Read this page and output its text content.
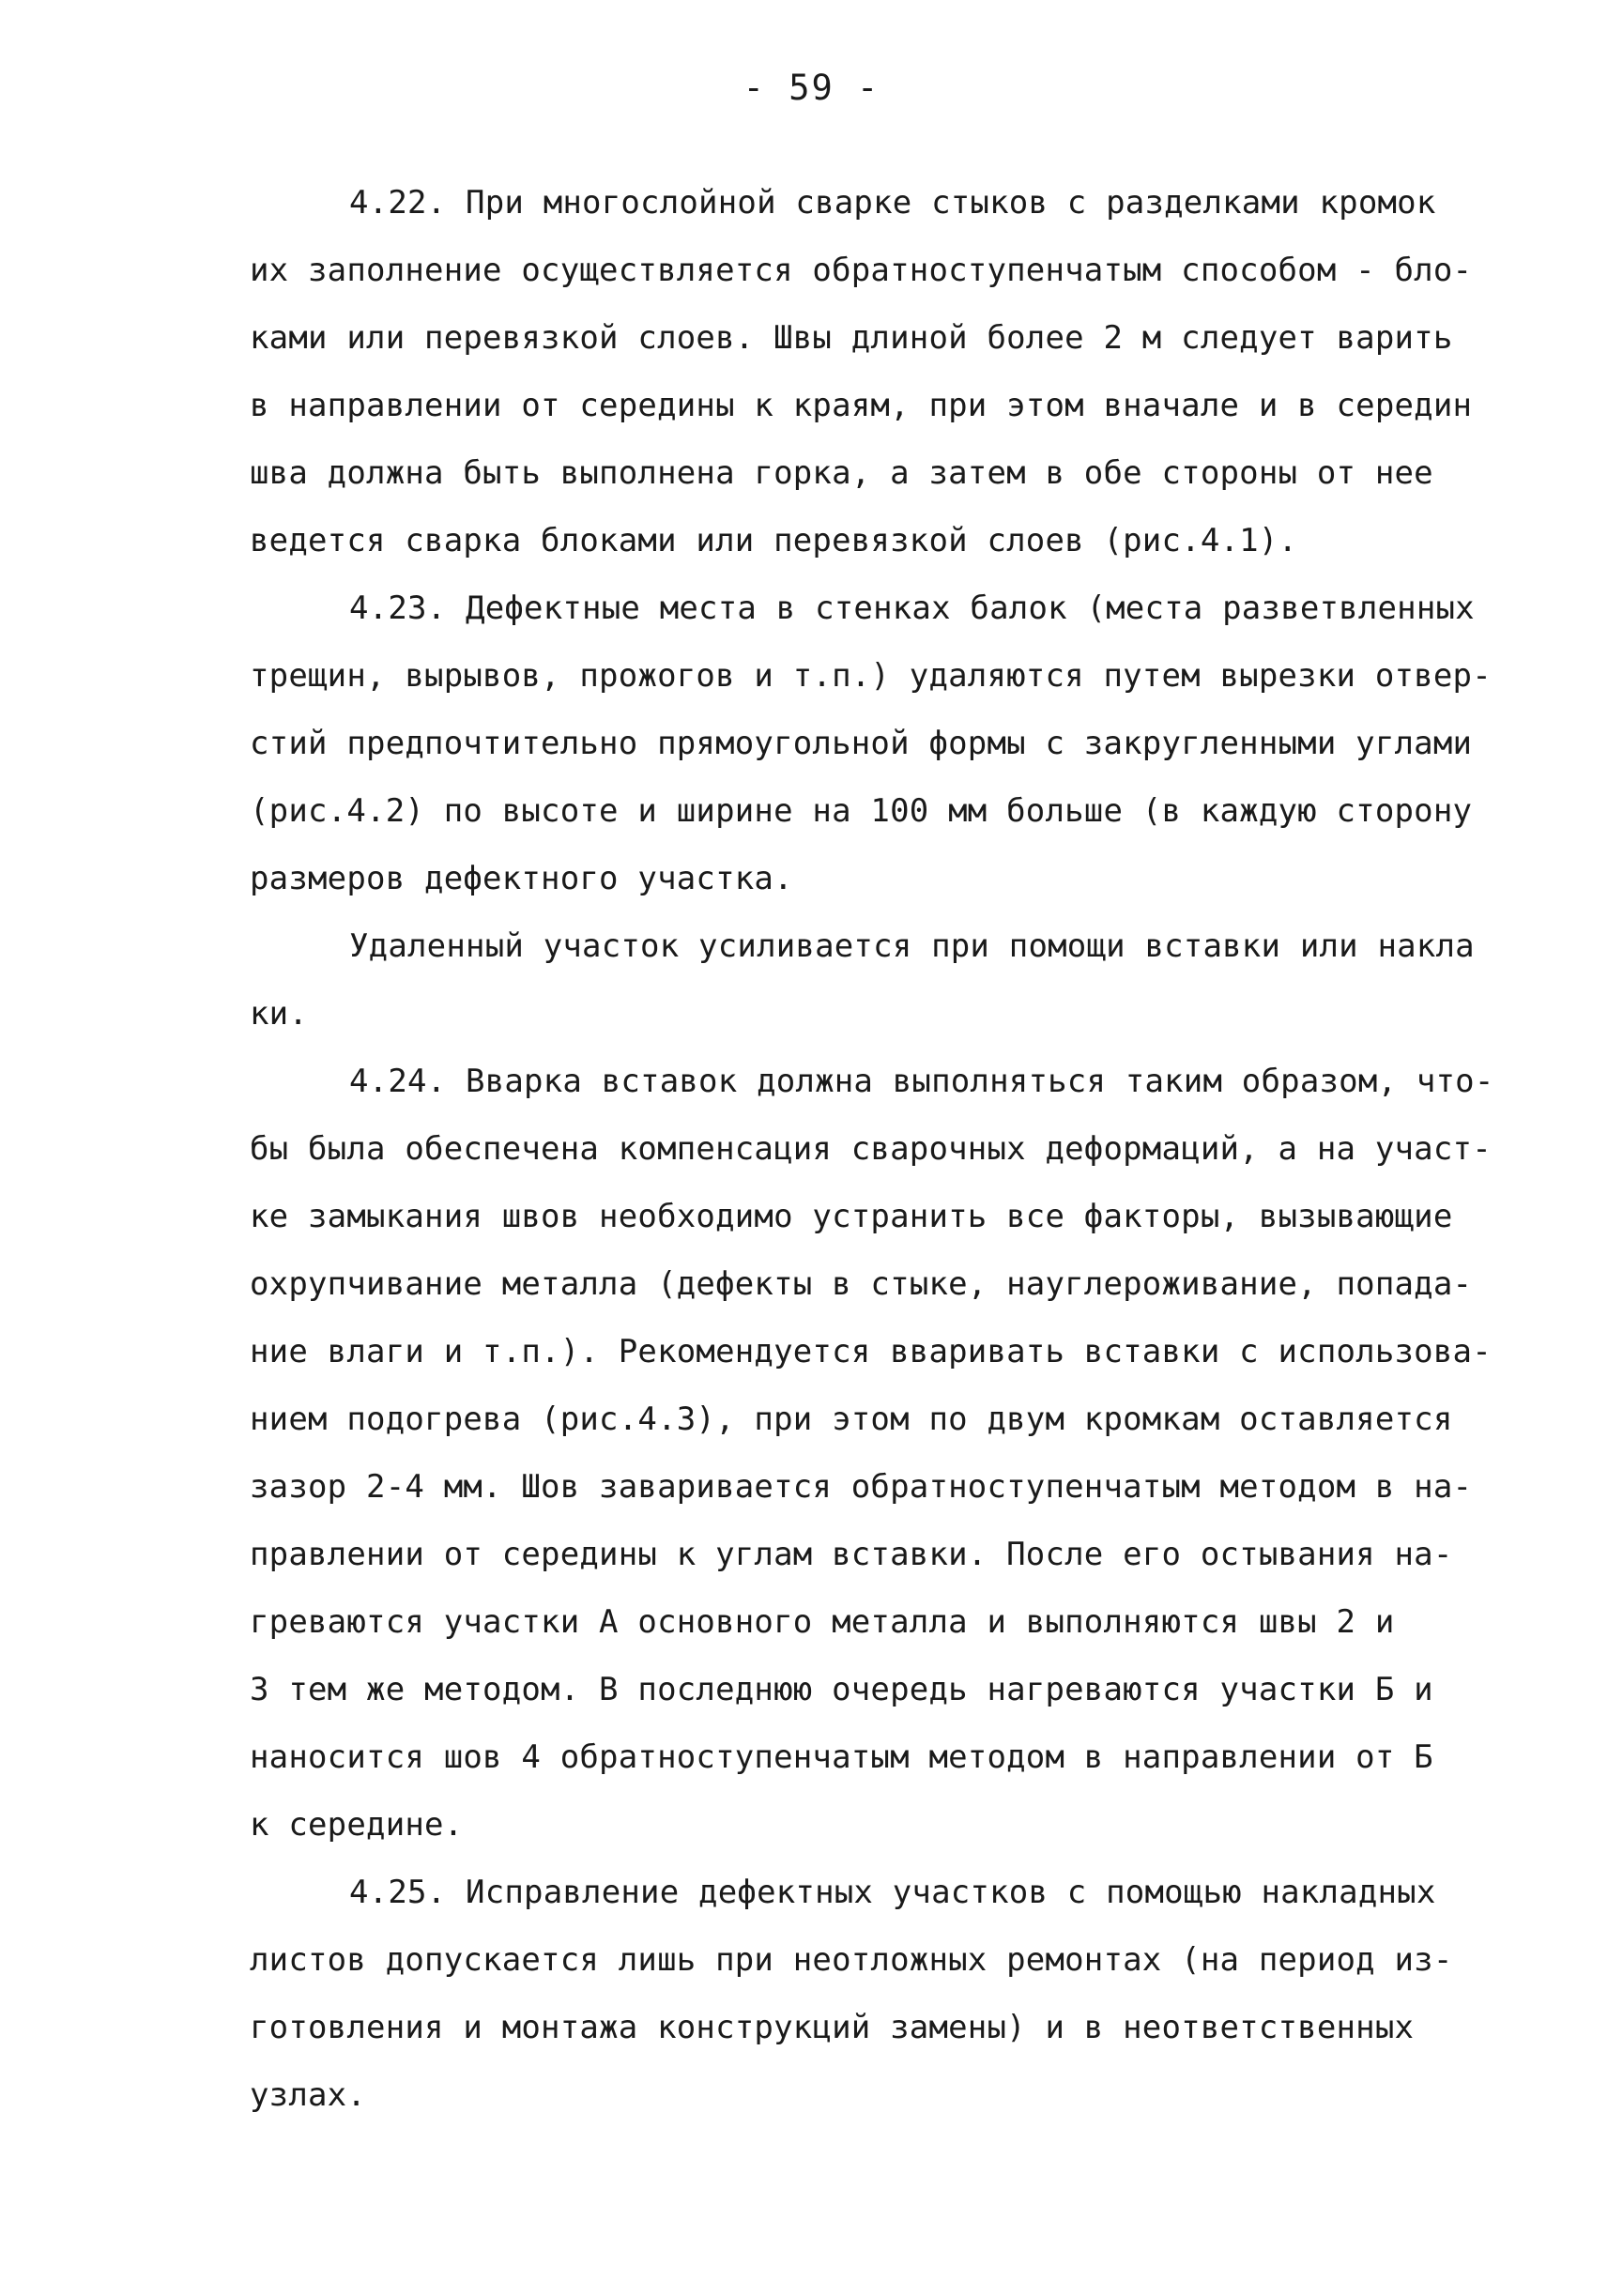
- 59 -
4.22. При многослойной сварке стыков с разделками кромок
их заполнение осуществляется обратноступенчатым способом - бло-
ками или перевязкой слоев. Швы длиной более 2 м следует варить
в направлении от середины к краям, при этом вначале и в середин
шва должна быть выполнена горка, а затем в обе стороны от нее
ведется сварка блоками или перевязкой слоев (рис.4.1).
4.23. Дефектные места в стенках балок (места разветвленных
трещин, вырывов, прожогов и т.п.) удаляются путем вырезки отвер-
стий предпочтительно прямоугольной формы с закругленными углами
(рис.4.2) по высоте и ширине на 100 мм больше (в каждую сторону
размеров дефектного участка.
Удаленный участок усиливается при помощи вставки или накла
ки.
4.24. Вварка вставок должна выполняться таким образом, что-
бы была обеспечена компенсация сварочных деформаций, а на участ-
ке замыкания швов необходимо устранить все факторы, вызывающие
охрупчивание металла (дефекты в стыке, науглероживание, попада-
ние влаги и т.п.). Рекомендуется вваривать вставки с использова-
нием подогрева (рис.4.3), при этом по двум кромкам оставляется
зазор 2-4 мм. Шов заваривается обратноступенчатым методом в на-
правлении от середины к углам вставки. После его остывания на-
греваются участки А основного металла и выполняются швы 2 и
3 тем же методом. В последнюю очередь нагреваются участки Б и
наносится шов 4 обратноступенчатым методом в направлении от Б
к середине.
4.25. Исправление дефектных участков с помощью накладных
листов допускается лишь при неотложных ремонтах (на период из-
готовления и монтажа конструкций замены) и в неответственных
узлах.
